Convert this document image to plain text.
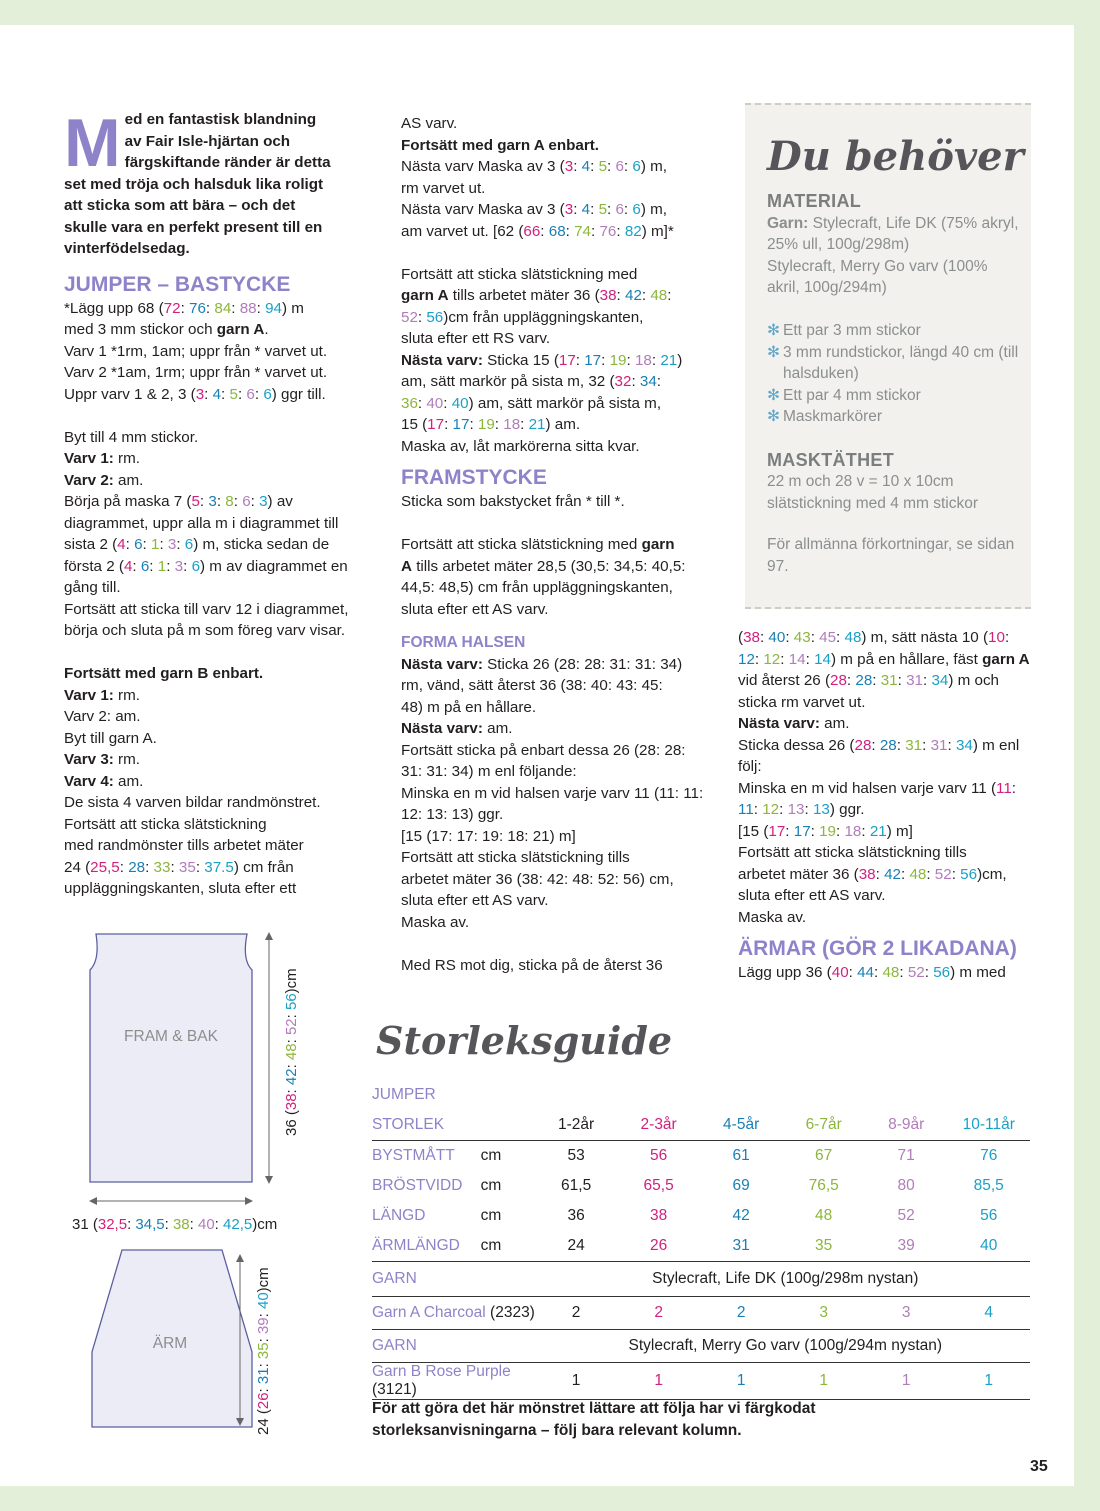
M ed en fantastisk blandning

av Fair Isle-hjärtan och

färgskiftande ränder är detta

set med tröja och halsduk lika roligt

att sticka som att bära – och det

skulle vara en perfekt present till en

vinterfödelsedag.

JUMPER – BASTYCKE

*Lägg upp 68 (72: 76: 84: 88: 94) m

med 3 mm stickor och garn A.

Varv 1 *1rm, 1am; uppr från * varvet ut.

Varv 2 *1am, 1rm; uppr från * varvet ut.

Uppr varv 1 & 2, 3 (3: 4: 5: 6: 6) ggr till.

Byt till 4 mm stickor.

Varv 1: rm.

Varv 2: am.

Börja på maska 7 (5: 3: 8: 6: 3) av

diagrammet, uppr alla m i diagrammet till

sista 2 (4: 6: 1: 3: 6) m, sticka sedan de

första 2 (4: 6: 1: 3: 6) m av diagrammet en

gång till.

Fortsätt att sticka till varv 12 i diagrammet,

börja och sluta på m som föreg varv visar.

Fortsätt med garn B enbart.

Varv 1: rm.

Varv 2: am.

Byt till garn A.

Varv 3: rm.

Varv 4: am.

De sista 4 varven bildar randmönstret.

Fortsätt att sticka slätstickning

med randmönster tills arbetet mäter

24 (25,5: 28: 33: 35: 37.5) cm från

uppläggningskanten, sluta efter ett

AS varv.

Fortsätt med garn A enbart.

Nästa varv Maska av 3 (3: 4: 5: 6: 6) m,

rm varvet ut.

Nästa varv Maska av 3 (3: 4: 5: 6: 6) m,

am varvet ut. [62 (66: 68: 74: 76: 82) m]*

Fortsätt att sticka slätstickning med

garn A tills arbetet mäter 36 (38: 42: 48:

52: 56)cm från uppläggningskanten,

sluta efter ett RS varv.

Nästa varv: Sticka 15 (17: 17: 19: 18: 21)

am, sätt markör på sista m, 32 (32: 34:

36: 40: 40) am, sätt markör på sista m,

15 (17: 17: 19: 18: 21) am.

Maska av, låt markörerna sitta kvar.

FRAMSTYCKE

Sticka som bakstycket från * till *.

Fortsätt att sticka slätstickning med garn

A tills arbetet mäter 28,5 (30,5: 34,5: 40,5:

44,5: 48,5) cm från uppläggningskanten,

sluta efter ett AS varv.

FORMA HALSEN

Nästa varv: Sticka 26 (28: 28: 31: 31: 34)

rm, vänd, sätt återst 36 (38: 40: 43: 45:

48) m på en hållare.

Nästa varv: am.

Fortsätt sticka på enbart dessa 26 (28: 28:

31: 31: 34) m enl följande:

Minska en m vid halsen varje varv 11 (11: 11:

12: 13: 13) ggr.

[15 (17: 17: 19: 18: 21) m]

Fortsätt att sticka slätstickning tills

arbetet mäter 36 (38: 42: 48: 52: 56) cm,

sluta efter ett AS varv.

Maska av.

Med RS mot dig, sticka på de återst 36

Du behöver
MATERIAL

Garn: Stylecraft, Life DK (75% akryl, 25% ull, 100g/298m)

Stylecraft, Merry Go varv (100% akril, 100g/294m)

✻ Ett par 3 mm stickor
✻ 3 mm rundstickor, längd 40 cm (till halsduken)
✻ Ett par 4 mm stickor
✻ Maskmarkörer
MASKTÄTHET

22 m och 28 v = 10 x 10cm slätstickning med 4 mm stickor

För allmänna förkortningar, se sidan 97.

(38: 40: 43: 45: 48) m, sätt nästa 10 (10:

12: 12: 14: 14) m på en hållare, fäst garn A

vid återst 26 (28: 28: 31: 31: 34) m och

sticka rm varvet ut.

Nästa varv: am.

Sticka dessa 26 (28: 28: 31: 31: 34) m enl

följ:

Minska en m vid halsen varje varv 11 (11:

11: 12: 13: 13) ggr.

[15 (17: 17: 19: 18: 21) m]

Fortsätt att sticka slätstickning tills

arbetet mäter 36 (38: 42: 48: 52: 56)cm,

sluta efter ett AS varv.

Maska av.

ÄRMAR (GÖR 2 LIKADANA)

Lägg upp 36 (40: 44: 48: 52: 56) m med

FRAM & BAK
36 (38: 42: 48: 52: 56)cm
31 (32,5: 34,5: 38: 40: 42,5)cm
ÄRM
24 (26: 31: 35: 39: 40)cm
Storleksguide
JUMPER							
STORLEK		1-2år	2-3år	4-5år	6-7år	8-9år	10-11år
BYSTMÅTT	cm	53	56	61	67	71	76
BRÖSTVIDD	cm	61,5	65,5	69	76,5	80	85,5
LÄNGD	cm	36	38	42	48	52	56
ÄRMLÄNGD	cm	24	26	31	35	39	40
GARN	Stylecraft, Life DK (100g/298m nystan)						
Garn A Charcoal (2323)		2	2	2	3	3	4
GARN	Stylecraft, Merry Go varv (100g/294m nystan)						
Garn B Rose Purple (3121)		1	1	1	1	1	1
För att göra det här mönstret lättare att följa har vi färgkodat storleksanvisningarna – följ bara relevant kolumn.
35
